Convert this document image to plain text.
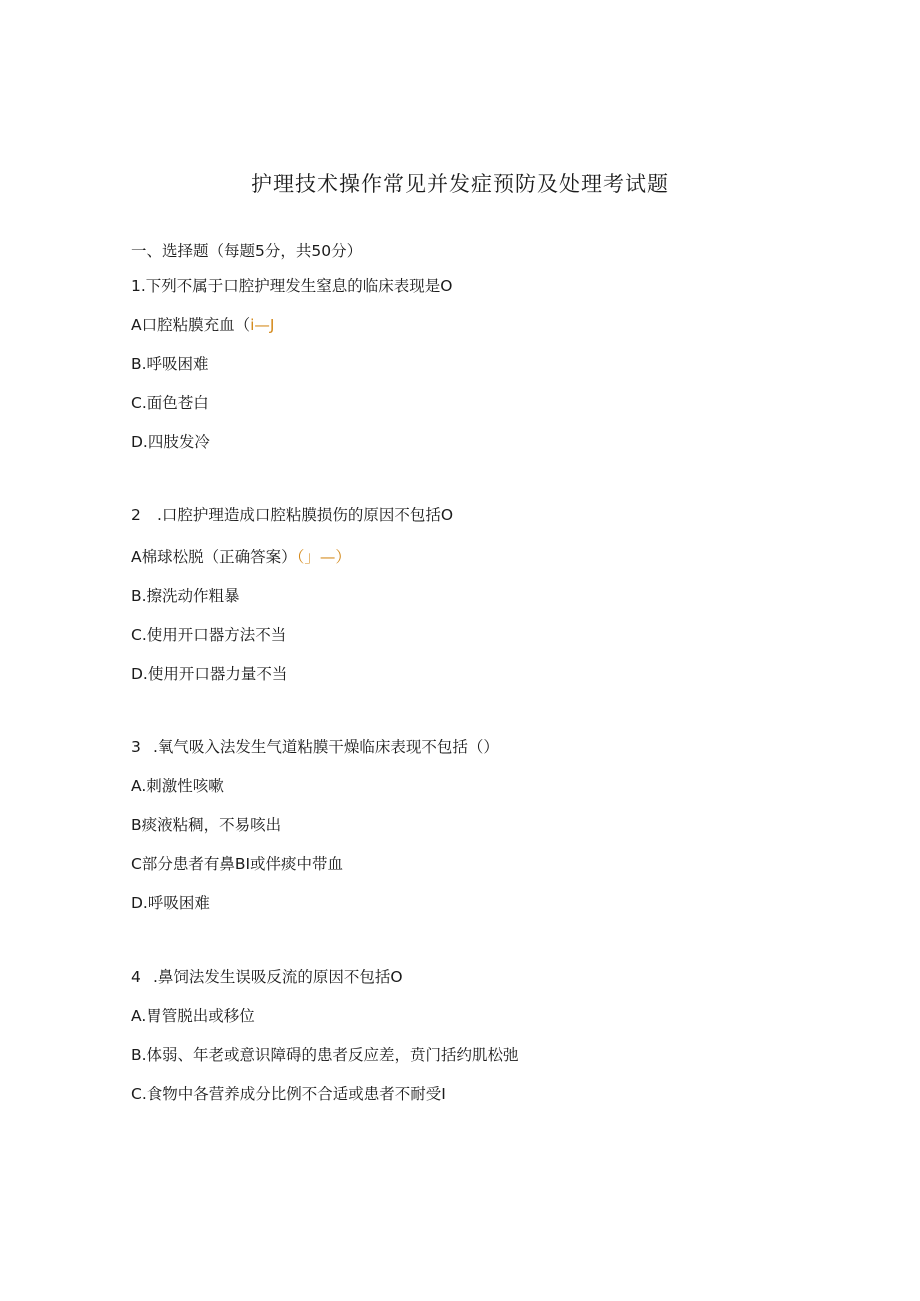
护理技术操作常见并发症预防及处理考试题
一、选择题（每题5分，共50分）
1.下列不属于口腔护理发生窒息的临床表现是O
A口腔粘膜充血（i—J
B.呼吸困难
C.面色苍白
D.四肢发冷
2 .口腔护理造成口腔粘膜损伤的原因不包括O
A棉球松脱（正确答案）（」—）
B.擦洗动作粗暴
C.使用开口器方法不当
D.使用开口器力量不当
3 .氧气吸入法发生气道粘膜干燥临床表现不包括（）
A.刺激性咳嗽
B痰液粘稠，不易咳出
C部分患者有鼻BI或伴痰中带血
D.呼吸困难
4 .鼻饲法发生误吸反流的原因不包括O
A.胃管脱出或移位
B.体弱、年老或意识障碍的患者反应差，贲门括约肌松弛
C.食物中各营养成分比例不合适或患者不耐受I
